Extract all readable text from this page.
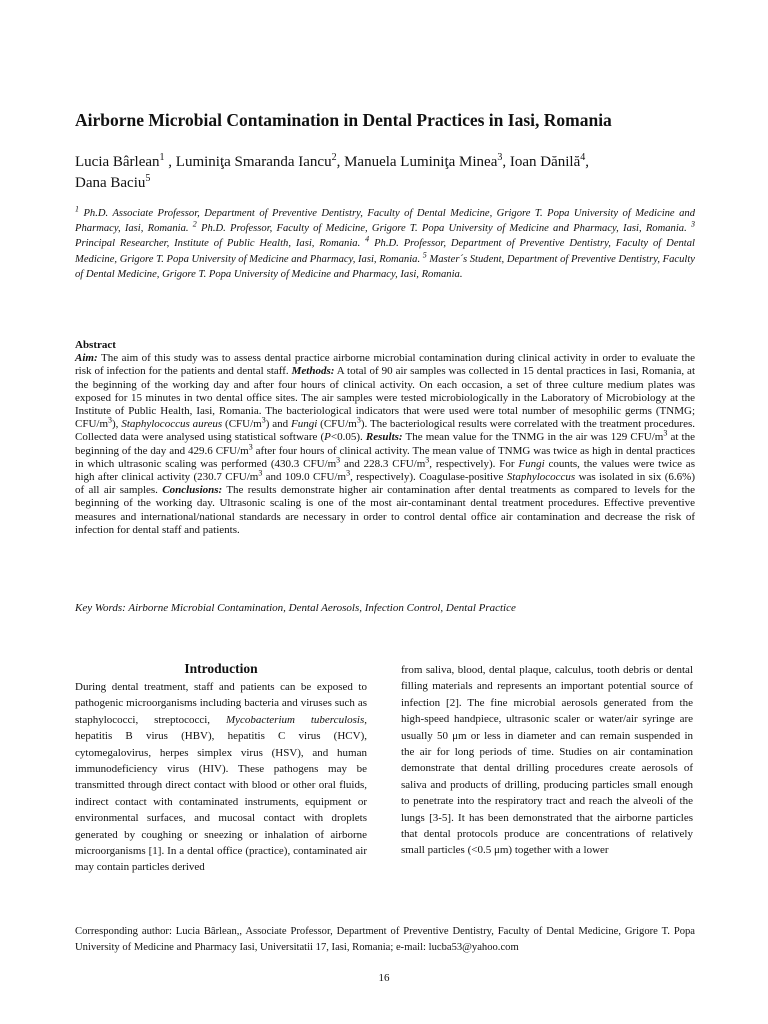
Airborne Microbial Contamination in Dental Practices in Iasi, Romania
Lucia Bârlean$^1$ , Luminiţa Smaranda Iancu$^2$, Manuela Luminiţa Minea$^3$, Ioan Dănilă$^4$,
Dana Baciu$^5$
$^1$ Ph.D. Associate Professor, Department of Preventive Dentistry, Faculty of Dental Medicine, Grigore T. Popa University of Medicine and Pharmacy, Iasi, Romania. $^2$ Ph.D. Professor, Faculty of Medicine, Grigore T. Popa University of Medicine and Pharmacy, Iasi, Romania. $^3$ Principal Researcher, Institute of Public Health, Iasi, Romania. $^4$ Ph.D. Professor, Department of Preventive Dentistry, Faculty of Dental Medicine, Grigore T. Popa University of Medicine and Pharmacy, Iasi, Romania. $^5$ Master´s Student, Department of Preventive Dentistry, Faculty of Dental Medicine, Grigore T. Popa University of Medicine and Pharmacy, Iasi, Romania.
Abstract
Aim: The aim of this study was to assess dental practice airborne microbial contamination during clinical activity in order to evaluate the risk of infection for the patients and dental staff. Methods: A total of 90 air samples was collected in 15 dental practices in Iasi, Romania, at the beginning of the working day and after four hours of clinical activity. On each occasion, a set of three culture medium plates was exposed for 15 minutes in two dental office sites. The air samples were tested microbiologically in the Laboratory of Microbiology at the Institute of Public Health, Iasi, Romania. The bacteriological indicators that were used were total number of mesophilic germs (TNMG; CFU/$m^3$), Staphylococcus aureus $(CFU/m^3)$ and Fungi $(CFU/m^3)$. The bacteriological results were correlated with the treatment procedures. Collected data were analysed using statistical software (P<0.05). Results: The mean value for the TNMG in the air was 129 CFU/$m^3$ at the beginning of the day and 429.6 CFU/$m^3$ after four hours of clinical activity. The mean value of TNMG was twice as high in dental practices in which ultrasonic scaling was performed (430.3 CFU/$m^3$ and 228.3 CFU/$m^3$, respectively). For Fungi counts, the values were twice as high after clinical activity (230.7 CFU/$m^3$ and 109.0 CFU/$m^3$, respectively). Coagulase-positive Staphylococcus was isolated in six (6.6%) of all air samples. Conclusions: The results demonstrate higher air contamination after dental treatments as compared to levels for the beginning of the working day. Ultrasonic scaling is one of the most air-contaminant dental treatment procedures. Effective preventive measures and international/national standards are necessary in order to control dental office air contamination and decrease the risk of infection for dental staff and patients.
Key Words: Airborne Microbial Contamination, Dental Aerosols, Infection Control, Dental Practice
Introduction
During dental treatment, staff and patients can be exposed to pathogenic microorganisms including bacteria and viruses such as staphylococci, streptococci, Mycobacterium tuberculosis, hepatitis B virus (HBV), hepatitis C virus (HCV), cytomegalovirus, herpes simplex virus (HSV), and human immunodeficiency virus (HIV). These pathogens may be transmitted through direct contact with blood or other oral fluids, indirect contact with contaminated instruments, equipment or environmental surfaces, and mucosal contact with droplets generated by coughing or sneezing or inhalation of airborne microorganisms [1]. In a dental office (practice), contaminated air may contain particles derived
from saliva, blood, dental plaque, calculus, tooth debris or dental filling materials and represents an important potential source of infection [2]. The fine microbial aerosols generated from the high-speed handpiece, ultrasonic scaler or water/air syringe are usually 50 μm or less in diameter and can remain suspended in the air for long periods of time. Studies on air contamination demonstrate that dental drilling procedures create aerosols of saliva and products of drilling, producing particles small enough to penetrate into the respiratory tract and reach the alveoli of the lungs [3-5]. It has been demonstrated that the airborne particles that dental protocols produce are concentrations of relatively small particles (<0.5 μm) together with a lower
Corresponding author: Lucia Bârlean,, Associate Professor, Department of Preventive Dentistry, Faculty of Dental Medicine, Grigore T. Popa University of Medicine and Pharmacy Iasi, Universitatii 17, Iasi, Romania; e-mail: lucba53@yahoo.com
16
